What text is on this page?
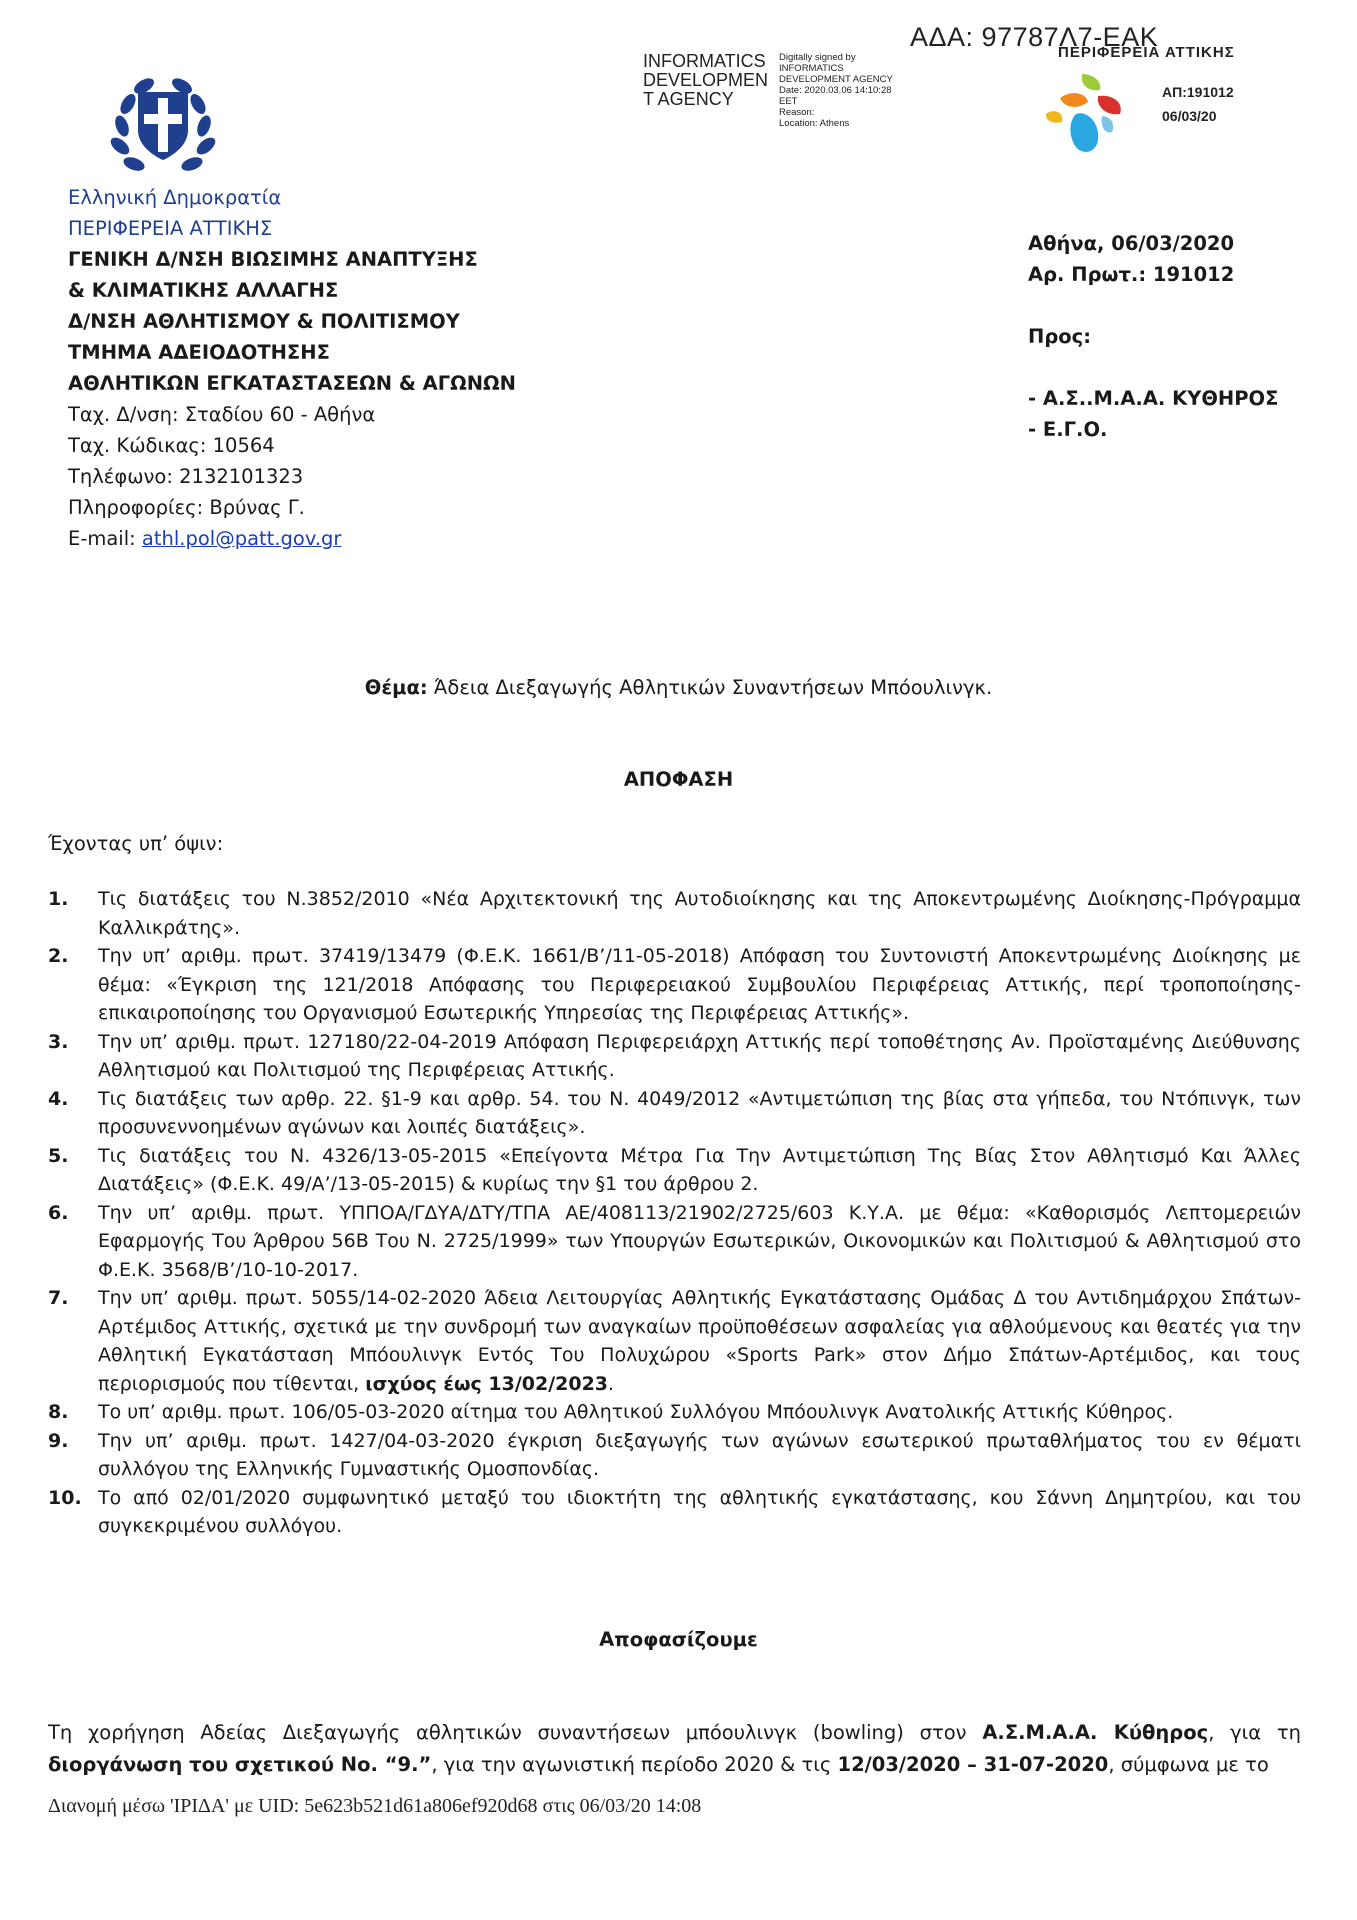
ΑΔΑ: 97787Λ7-ΕΑΚ
INFORMATICS
DEVELOPMEN
T AGENCY
Digitally signed by
INFORMATICS
DEVELOPMENT AGENCY
Date: 2020.03.06 14:10:28
EET
Reason:
Location: Athens
ΠΕΡΙΦΕΡΕΙΑ ΑΤΤΙΚΗΣ
ΑΠ:191012
06/03/20
Ελληνική Δημοκρατία
ΠΕΡΙΦΕΡΕΙΑ ΑΤΤΙΚΗΣ
ΓΕΝΙΚΗ Δ/ΝΣΗ ΒΙΩΣΙΜΗΣ ΑΝΑΠΤΥΞΗΣ
& ΚΛΙΜΑΤΙΚΗΣ ΑΛΛΑΓΗΣ
Δ/ΝΣΗ ΑΘΛΗΤΙΣΜΟΥ & ΠΟΛΙΤΙΣΜΟΥ
ΤΜΗΜΑ ΑΔΕΙΟΔΟΤΗΣΗΣ
ΑΘΛΗΤΙΚΩΝ ΕΓΚΑΤΑΣΤΑΣΕΩΝ & ΑΓΩΝΩΝ
Ταχ. Δ/νση: Σταδίου 60 - Αθήνα
Ταχ. Κώδικας: 10564
Τηλέφωνο: 2132101323
Πληροφορίες: Βρύνας Γ.
E-mail: athl.pol@patt.gov.gr
Αθήνα, 06/03/2020
Αρ. Πρωτ.: 191012
Προς:
- Α.Σ..Μ.Α.Α. ΚΥΘΗΡΟΣ
- Ε.Γ.Ο.
Θέμα: Άδεια Διεξαγωγής Αθλητικών Συναντήσεων Μπόουλινγκ.
ΑΠΟΦΑΣΗ
Έχοντας υπ’ όψιν:
1.	Τις διατάξεις του Ν.3852/2010 «Νέα Αρχιτεκτονική της Αυτοδιοίκησης και της Αποκεντρωμένης Διοίκησης-Πρόγραμμα Καλλικράτης».
2.	Την υπ’ αριθμ. πρωτ. 37419/13479 (Φ.Ε.Κ. 1661/Β’/11-05-2018) Απόφαση του Συντονιστή Αποκεντρωμένης Διοίκησης με θέμα: «Έγκριση της 121/2018 Απόφασης του Περιφερειακού Συμβουλίου Περιφέρειας Αττικής, περί τροποποίησης-επικαιροποίησης του Οργανισμού Εσωτερικής Υπηρεσίας της Περιφέρειας Αττικής».
3.	Την υπ’ αριθμ. πρωτ. 127180/22-04-2019 Απόφαση Περιφερειάρχη Αττικής περί τοποθέτησης Αν. Προϊσταμένης Διεύθυνσης Αθλητισμού και Πολιτισμού της Περιφέρειας Αττικής.
4.	Τις διατάξεις των αρθρ. 22. §1-9 και αρθρ. 54. του Ν. 4049/2012 «Αντιμετώπιση της βίας στα γήπεδα, του Ντόπινγκ, των προσυνεννοημένων αγώνων και λοιπές διατάξεις».
5.	Τις διατάξεις του Ν. 4326/13-05-2015 «Επείγοντα Μέτρα Για Την Αντιμετώπιση Της Βίας Στον Αθλητισμό Και Άλλες Διατάξεις» (Φ.Ε.Κ. 49/Α’/13-05-2015) & κυρίως την §1 του άρθρου 2.
6.	Την υπ’ αριθμ. πρωτ. ΥΠΠΟΑ/ΓΔΥΑ/ΔΤΥ/ΤΠΑ ΑΕ/408113/21902/2725/603 Κ.Υ.Α. με θέμα: «Καθορισμός Λεπτομερειών Εφαρμογής Του Άρθρου 56Β Του Ν. 2725/1999» των Υπουργών Εσωτερικών, Οικονομικών και Πολιτισμού & Αθλητισμού στο Φ.Ε.Κ. 3568/Β’/10-10-2017.
7.	Την υπ’ αριθμ. πρωτ. 5055/14-02-2020 Άδεια Λειτουργίας Αθλητικής Εγκατάστασης Ομάδας Δ του Αντιδημάρχου Σπάτων-Αρτέμιδος Αττικής, σχετικά με την συνδρομή των αναγκαίων προϋποθέσεων ασφαλείας για αθλούμενους και θεατές για την Αθλητική Εγκατάσταση Μπόουλινγκ Εντός Του Πολυχώρου «Sports Park» στον Δήμο Σπάτων-Αρτέμιδος, και τους περιορισμούς που τίθενται, ισχύος έως 13/02/2023.
8.	Το υπ’ αριθμ. πρωτ. 106/05-03-2020 αίτημα του Αθλητικού Συλλόγου Μπόουλινγκ Ανατολικής Αττικής Κύθηρος.
9.	Την υπ’ αριθμ. πρωτ. 1427/04-03-2020 έγκριση διεξαγωγής των αγώνων εσωτερικού πρωταθλήματος του εν θέματι συλλόγου της Ελληνικής Γυμναστικής Ομοσπονδίας.
10. Το από 02/01/2020 συμφωνητικό μεταξύ του ιδιοκτήτη της αθλητικής εγκατάστασης, κου Σάννη Δημητρίου, και του συγκεκριμένου συλλόγου.
Αποφασίζουμε
Τη χορήγηση Αδείας Διεξαγωγής αθλητικών συναντήσεων μπόουλινγκ (bowling) στον Α.Σ.Μ.Α.Α. Κύθηρος, για τη διοργάνωση του σχετικού Νο. “9.”, για την αγωνιστική περίοδο 2020 & τις 12/03/2020 – 31-07-2020, σύμφωνα με το
Διανομή μέσω 'ΙΡΙΔΑ' με UID: 5e623b521d61a806ef920d68 στις 06/03/20 14:08
